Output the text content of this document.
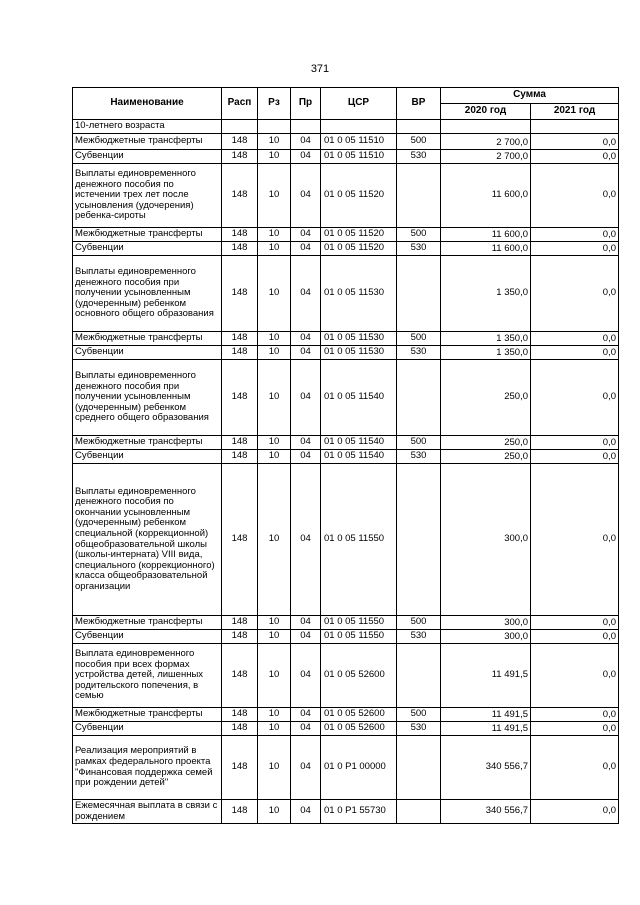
371
Наименование	Расп	Рз	Пр	ЦСР	ВР	Сумма	
						2020 год	2021 год
10-летнего возраста							
Межбюджетные трансферты	148	10	04	01 0 05 11510	500	2 700,0	0,0
Субвенции	148	10	04	01 0 05 11510	530	2 700,0	0,0
Выплаты единовременного денежного пособия по истечении трех лет после усыновления (удочерения) ребенка-сироты	148	10	04	01 0 05 11520		11 600,0	0,0
Межбюджетные трансферты	148	10	04	01 0 05 11520	500	11 600,0	0,0
Субвенции	148	10	04	01 0 05 11520	530	11 600,0	0,0
Выплаты единовременного денежного пособия при получении усыновленным (удочеренным) ребенком основного общего образования	148	10	04	01 0 05 11530		1 350,0	0,0
Межбюджетные трансферты	148	10	04	01 0 05 11530	500	1 350,0	0,0
Субвенции	148	10	04	01 0 05 11530	530	1 350,0	0,0
Выплаты единовременного денежного пособия при получении усыновленным (удочеренным) ребенком среднего общего образования	148	10	04	01 0 05 11540		250,0	0,0
Межбюджетные трансферты	148	10	04	01 0 05 11540	500	250,0	0,0
Субвенции	148	10	04	01 0 05 11540	530	250,0	0,0
Выплаты единовременного денежного пособия по окончании усыновленным (удочеренным) ребенком специальной (коррекционной) общеобразовательной школы (школы-интерната) VIII вида, специального (коррекционного) класса общеобразовательной организации	148	10	04	01 0 05 11550		300,0	0,0
Межбюджетные трансферты	148	10	04	01 0 05 11550	500	300,0	0,0
Субвенции	148	10	04	01 0 05 11550	530	300,0	0,0
Выплата единовременного пособия при всех формах устройства детей, лишенных родительского попечения, в семью	148	10	04	01 0 05 52600		11 491,5	0,0
Межбюджетные трансферты	148	10	04	01 0 05 52600	500	11 491,5	0,0
Субвенции	148	10	04	01 0 05 52600	530	11 491,5	0,0
Реализация мероприятий в рамках федерального проекта "Финансовая поддержка семей при рождении детей"	148	10	04	01 0 P1 00000		340 556,7	0,0
Ежемесячная выплата в связи с рождением	148	10	04	01 0 P1 55730		340 556,7	0,0
